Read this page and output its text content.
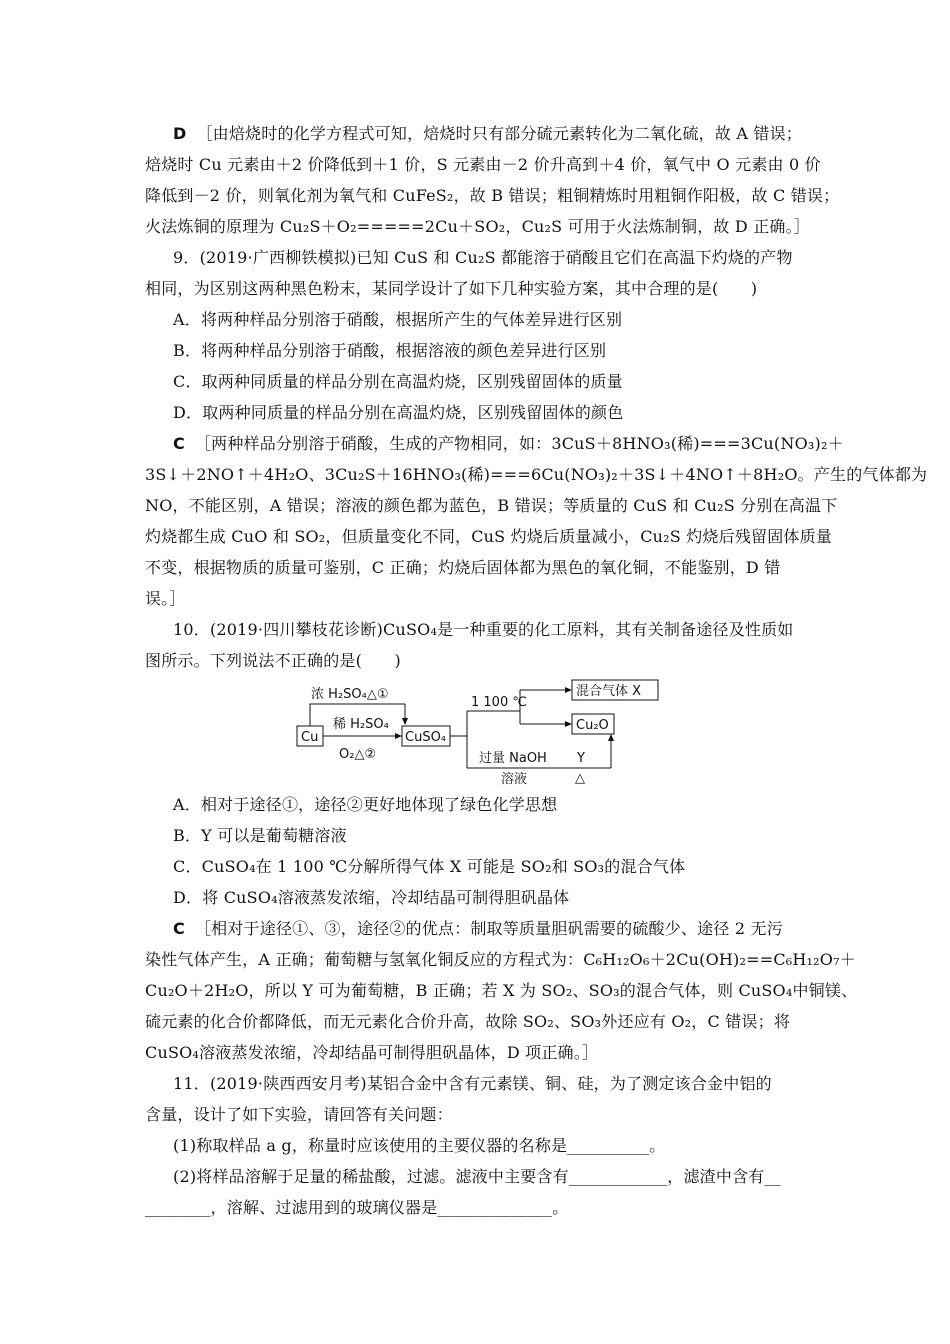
D ［由焙烧时的化学方程式可知，焙烧时只有部分硫元素转化为二氧化硫，故 A 错误；
焙烧时 Cu 元素由＋2 价降低到＋1 价，S 元素由－2 价升高到＋4 价，氧气中 O 元素由 0 价
降低到－2 价，则氧化剂为氧气和 CuFeS₂，故 B 错误；粗铜精炼时用粗铜作阳极，故 C 错误；
火法炼铜的原理为 Cu₂S＋O₂=====2Cu＋SO₂，Cu₂S 可用于火法炼制铜，故 D 正确。］
9．(2019·广西柳铁模拟)已知 CuS 和 Cu₂S 都能溶于硝酸且它们在高温下灼烧的产物
相同，为区别这两种黑色粉末，某同学设计了如下几种实验方案，其中合理的是(　　)
A．将两种样品分别溶于硝酸，根据所产生的气体差异进行区别
B．将两种样品分别溶于硝酸，根据溶液的颜色差异进行区别
C．取两种同质量的样品分别在高温灼烧，区别残留固体的质量
D．取两种同质量的样品分别在高温灼烧，区别残留固体的颜色
C ［两种样品分别溶于硝酸，生成的产物相同，如：3CuS＋8HNO₃(稀)===3Cu(NO₃)₂＋
3S↓＋2NO↑＋4H₂O、3Cu₂S＋16HNO₃(稀)===6Cu(NO₃)₂＋3S↓＋4NO↑＋8H₂O。产生的气体都为
NO，不能区别，A 错误；溶液的颜色都为蓝色，B 错误；等质量的 CuS 和 Cu₂S 分别在高温下
灼烧都生成 CuO 和 SO₂，但质量变化不同，CuS 灼烧后质量减小，Cu₂S 灼烧后残留固体质量
不变，根据物质的质量可鉴别，C 正确；灼烧后固体都为黑色的氧化铜，不能鉴别，D 错
误。］
10．(2019·四川攀枝花诊断)CuSO₄是一种重要的化工原料，其有关制备途径及性质如
图所示。下列说法不正确的是(　　)
Cu
浓 H₂SO₄△①
稀 H₂SO₄
O₂△②
CuSO₄
1 100 ℃
混合气体 X
Cu₂O
过量 NaOH
溶液
Y
△
A．相对于途径①，途径②更好地体现了绿色化学思想
B．Y 可以是葡萄糖溶液
C．CuSO₄在 1 100 ℃分解所得气体 X 可能是 SO₂和 SO₃的混合气体
D．将 CuSO₄溶液蒸发浓缩，冷却结晶可制得胆矾晶体
C ［相对于途径①、③，途径②的优点：制取等质量胆矾需要的硫酸少、途径 2 无污
染性气体产生，A 正确；葡萄糖与氢氧化铜反应的方程式为：C₆H₁₂O₆＋2Cu(OH)₂==C₆H₁₂O₇＋
Cu₂O＋2H₂O，所以 Y 可为葡萄糖，B 正确；若 X 为 SO₂、SO₃的混合气体，则 CuSO₄中铜镁、
硫元素的化合价都降低，而无元素化合价升高，故除 SO₂、SO₃外还应有 O₂，C 错误；将
CuSO₄溶液蒸发浓缩，冷却结晶可制得胆矾晶体，D 项正确。］
11．(2019·陕西西安月考)某铝合金中含有元素镁、铜、硅，为了测定该合金中铝的
含量，设计了如下实验，请回答有关问题：
(1)称取样品 a g，称量时应该使用的主要仪器的名称是__________。
(2)将样品溶解于足量的稀盐酸，过滤。滤液中主要含有____________，滤渣中含有__
________，溶解、过滤用到的玻璃仪器是______________。
